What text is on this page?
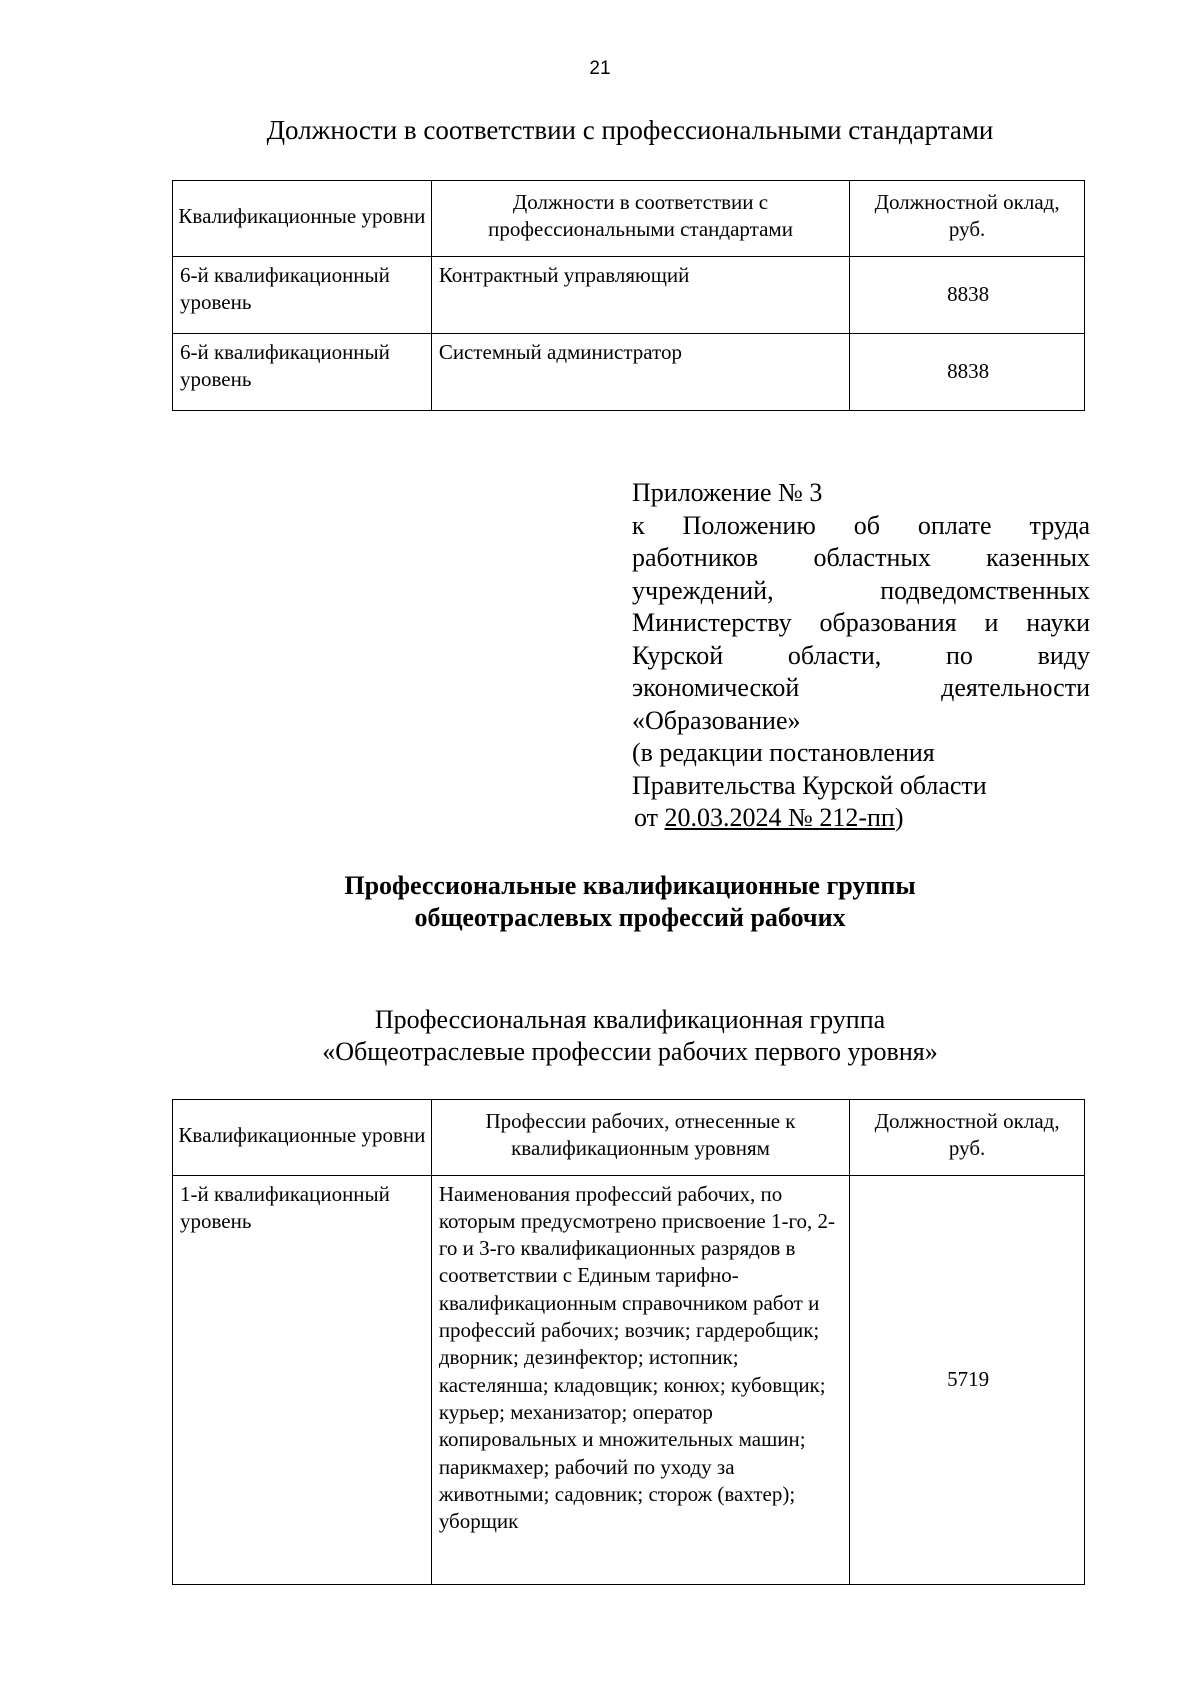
21
Должности в соответствии с профессиональными стандартами
Квалификационные уровни	Должности в соответствии с профессиональными стандартами	Должностной оклад, руб.
6-й квалификационный уровень	Контрактный управляющий	8838
6-й квалификационный уровень	Системный администратор	8838
Приложение № 3
к Положению об оплате труда
работников областных казенных
учреждений, подведомственных
Министерству образования и науки
Курской области, по виду
экономической деятельности
«Образование»
(в редакции постановления
Правительства Курской области
от 20.03.2024 № 212-пп)
Профессиональные квалификационные группы
общеотраслевых профессий рабочих
Профессиональная квалификационная группа
«Общеотраслевые профессии рабочих первого уровня»
Квалификационные уровни	Профессии рабочих, отнесенные к квалификационным уровням	Должностной оклад, руб.
1-й квалификационный уровень	Наименования профессий рабочих, по которым предусмотрено присвоение 1-го, 2-го и 3-го квалификационных разрядов в соответствии с Единым тарифно-квалификационным справочником работ и профессий рабочих; возчик; гардеробщик; дворник; дезинфектор; истопник; кастелянша; кладовщик; конюх; кубовщик; курьер; механизатор; оператор копировальных и множительных машин; парикмахер; рабочий по уходу за животными; садовник; сторож (вахтер); уборщик	5719
